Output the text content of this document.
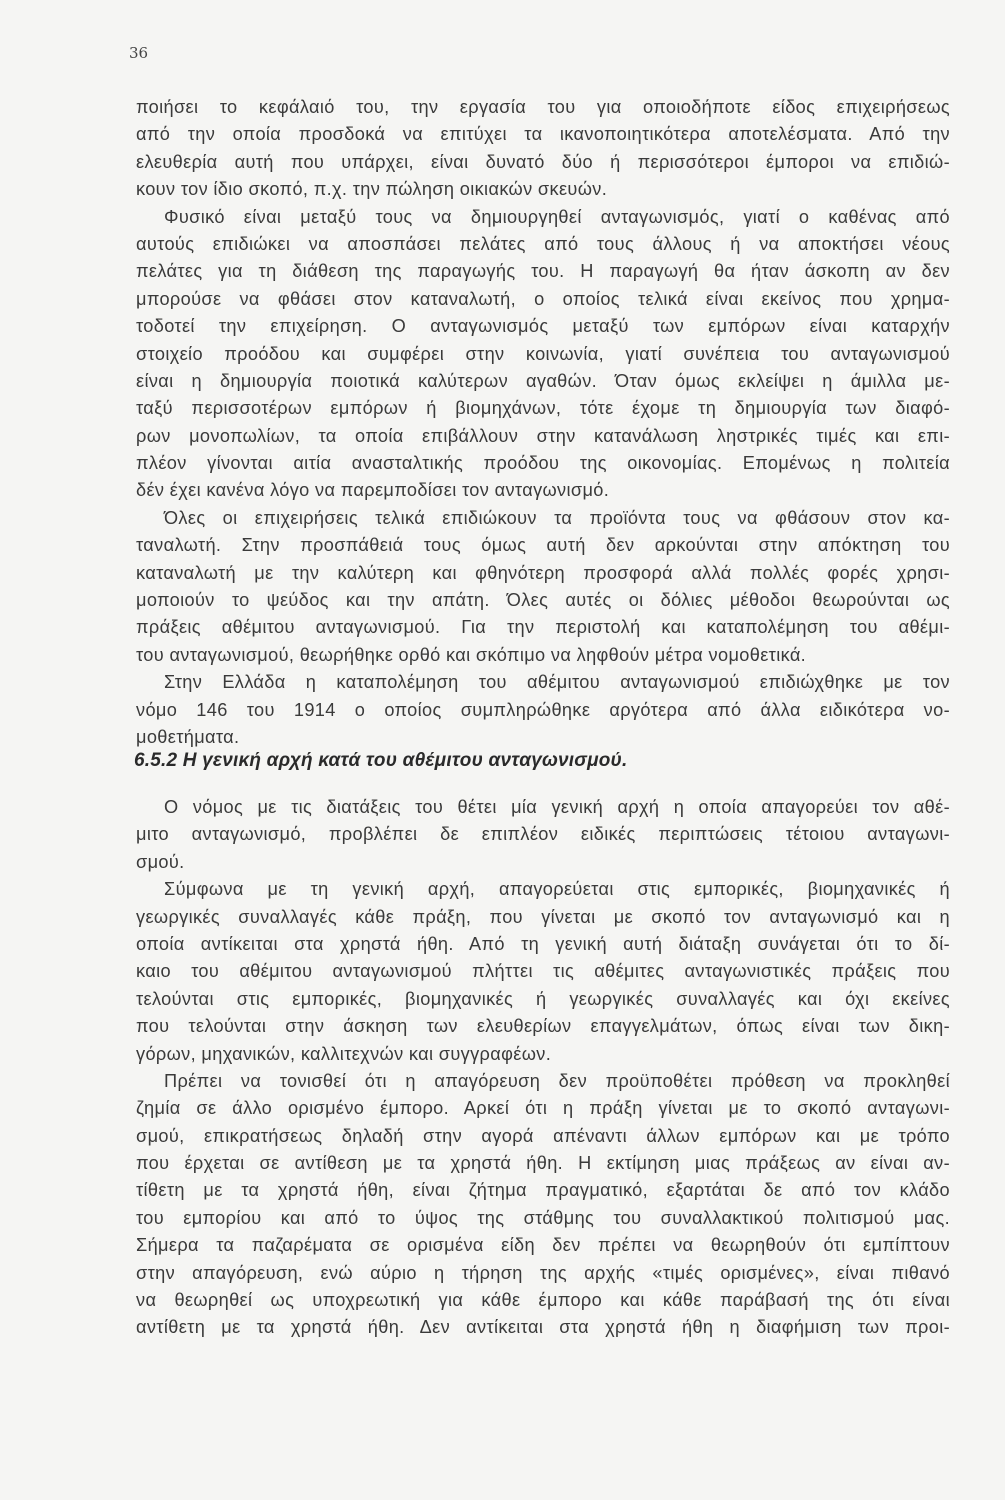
36
ποιήσει το κεφάλαιό του, την εργασία του για οποιοδήποτε είδος επιχειρήσεως
από την οποία προσδοκά να επιτύχει τα ικανοποιητικότερα αποτελέσματα. Από την
ελευθερία αυτή που υπάρχει, είναι δυνατό δύο ή περισσότεροι έμποροι να επιδιώ-
κουν τον ίδιο σκοπό, π.χ. την πώληση οικιακών σκευών.
Φυσικό είναι μεταξύ τους να δημιουργηθεί ανταγωνισμός, γιατί ο καθένας από
αυτούς επιδιώκει να αποσπάσει πελάτες από τους άλλους ή να αποκτήσει νέους
πελάτες για τη διάθεση της παραγωγής του. Η παραγωγή θα ήταν άσκοπη αν δεν
μπορούσε να φθάσει στον καταναλωτή, ο οποίος τελικά είναι εκείνος που χρημα-
τοδοτεί την επιχείρηση. Ο ανταγωνισμός μεταξύ των εμπόρων είναι καταρχήν
στοιχείο προόδου και συμφέρει στην κοινωνία, γιατί συνέπεια του ανταγωνισμού
είναι η δημιουργία ποιοτικά καλύτερων αγαθών. Όταν όμως εκλείψει η άμιλλα με-
ταξύ περισσοτέρων εμπόρων ή βιομηχάνων, τότε έχομε τη δημιουργία των διαφό-
ρων μονοπωλίων, τα οποία επιβάλλουν στην κατανάλωση ληστρικές τιμές και επι-
πλέον γίνονται αιτία ανασταλτικής προόδου της οικονομίας. Επομένως η πολιτεία
δέν έχει κανένα λόγο να παρεμποδίσει τον ανταγωνισμό.
Όλες οι επιχειρήσεις τελικά επιδιώκουν τα προϊόντα τους να φθάσουν στον κα-
ταναλωτή. Στην προσπάθειά τους όμως αυτή δεν αρκούνται στην απόκτηση του
καταναλωτή με την καλύτερη και φθηνότερη προσφορά αλλά πολλές φορές χρησι-
μοποιούν το ψεύδος και την απάτη. Όλες αυτές οι δόλιες μέθοδοι θεωρούνται ως
πράξεις αθέμιτου ανταγωνισμού. Για την περιστολή και καταπολέμηση του αθέμι-
του ανταγωνισμού, θεωρήθηκε ορθό και σκόπιμο να ληφθούν μέτρα νομοθετικά.
Στην Ελλάδα η καταπολέμηση του αθέμιτου ανταγωνισμού επιδιώχθηκε με τον
νόμο 146 του 1914 ο οποίος συμπληρώθηκε αργότερα από άλλα ειδικότερα νο-
μοθετήματα.
6.5.2 Η γενική αρχή κατά του αθέμιτου ανταγωνισμού.
Ο νόμος με τις διατάξεις του θέτει μία γενική αρχή η οποία απαγορεύει τον αθέ-
μιτο ανταγωνισμό, προβλέπει δε επιπλέον ειδικές περιπτώσεις τέτοιου ανταγωνι-
σμού.
Σύμφωνα με τη γενική αρχή, απαγορεύεται στις εμπορικές, βιομηχανικές ή
γεωργικές συναλλαγές κάθε πράξη, που γίνεται με σκοπό τον ανταγωνισμό και η
οποία αντίκειται στα χρηστά ήθη. Από τη γενική αυτή διάταξη συνάγεται ότι το δί-
καιο του αθέμιτου ανταγωνισμού πλήττει τις αθέμιτες ανταγωνιστικές πράξεις που
τελούνται στις εμπορικές, βιομηχανικές ή γεωργικές συναλλαγές και όχι εκείνες
που τελούνται στην άσκηση των ελευθερίων επαγγελμάτων, όπως είναι των δικη-
γόρων, μηχανικών, καλλιτεχνών και συγγραφέων.
Πρέπει να τονισθεί ότι η απαγόρευση δεν προϋποθέτει πρόθεση να προκληθεί
ζημία σε άλλο ορισμένο έμπορο. Αρκεί ότι η πράξη γίνεται με το σκοπό ανταγωνι-
σμού, επικρατήσεως δηλαδή στην αγορά απέναντι άλλων εμπόρων και με τρόπο
που έρχεται σε αντίθεση με τα χρηστά ήθη. Η εκτίμηση μιας πράξεως αν είναι αν-
τίθετη με τα χρηστά ήθη, είναι ζήτημα πραγματικό, εξαρτάται δε από τον κλάδο
του εμπορίου και από το ύψος της στάθμης του συναλλακτικού πολιτισμού μας.
Σήμερα τα παζαρέματα σε ορισμένα είδη δεν πρέπει να θεωρηθούν ότι εμπίπτουν
στην απαγόρευση, ενώ αύριο η τήρηση της αρχής «τιμές ορισμένες», είναι πιθανό
να θεωρηθεί ως υποχρεωτική για κάθε έμπορο και κάθε παράβασή της ότι είναι
αντίθετη με τα χρηστά ήθη. Δεν αντίκειται στα χρηστά ήθη η διαφήμιση των προι-
